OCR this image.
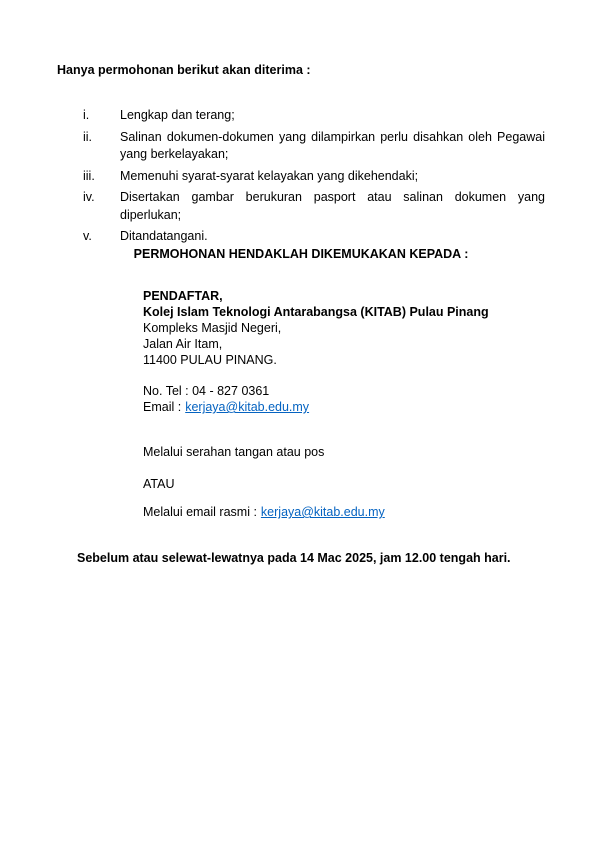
Hanya permohonan berikut akan diterima :
i.	Lengkap dan terang;
ii.	Salinan dokumen-dokumen yang dilampirkan perlu disahkan oleh Pegawai yang berkelayakan;
iii.	Memenuhi syarat-syarat kelayakan yang dikehendaki;
iv.	Disertakan gambar berukuran pasport atau salinan dokumen yang diperlukan;
v.	Ditandatangani.
PERMOHONAN HENDAKLAH DIKEMUKAKAN KEPADA :
PENDAFTAR,
Kolej Islam Teknologi Antarabangsa (KITAB) Pulau Pinang
Kompleks Masjid Negeri,
Jalan Air Itam,
11400 PULAU PINANG.
No. Tel : 04 - 827 0361
Email : kerjaya@kitab.edu.my
Melalui serahan tangan atau pos
ATAU
Melalui email rasmi : kerjaya@kitab.edu.my
Sebelum atau selewat-lewatnya pada 14 Mac 2025, jam 12.00 tengah hari.
